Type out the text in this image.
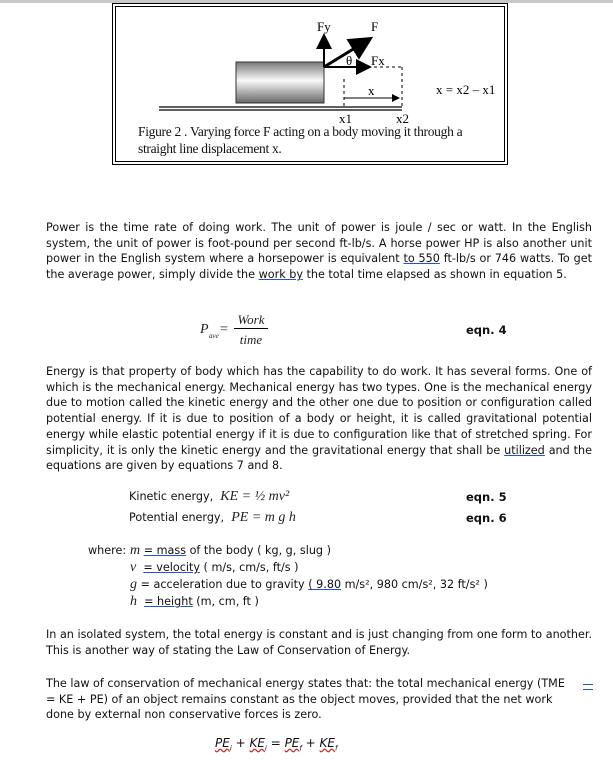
Fy	F
θ Fx
x
x1	x2
x = x2 – x1
Figure 2 . Varying force F acting on a body moving it through a straight line displacement x.
Power is the time rate of doing work. The unit of power is joule / sec or watt. In the English system, the unit of power is foot-pound per second ft-lb/s. A horse power HP is also another unit power in the English system where a horsepower is equivalent to 550 ft-lb/s or 746 watts. To get the average power, simply divide the work by the total time elapsed as shown in equation 5.
P ave =
Work
time
eqn. 4
Energy is that property of body which has the capability to do work. It has several forms. One of which is the mechanical energy. Mechanical energy has two types. One is the mechanical energy due to motion called the kinetic energy and the other one due to position or configuration called potential energy. If it is due to position of a body or height, it is called gravitational potential energy while elastic potential energy if it is due to configuration like that of stretched spring. For simplicity, it is only the kinetic energy and the gravitational energy that shall be utilized and the equations are given by equations 7 and 8.
Kinetic energy, KE = ½ mv²	eqn. 5
Potential energy, PE = m g h	eqn. 6
where: m = mass of the body ( kg, g, slug )
v = velocity ( m/s, cm/s, ft/s )
g = acceleration due to gravity ( 9.80 m/s², 980 cm/s², 32 ft/s² )
h = height (m, cm, ft )
In an isolated system, the total energy is constant and is just changing from one form to another. This is another way of stating the Law of Conservation of Energy.
The law of conservation of mechanical energy states that: the total mechanical energy (TME = KE + PE) of an object remains constant as the object moves, provided that the net work done by external non conservative forces is zero.
$PE_i + KE_i = PE_f + KE_f$
